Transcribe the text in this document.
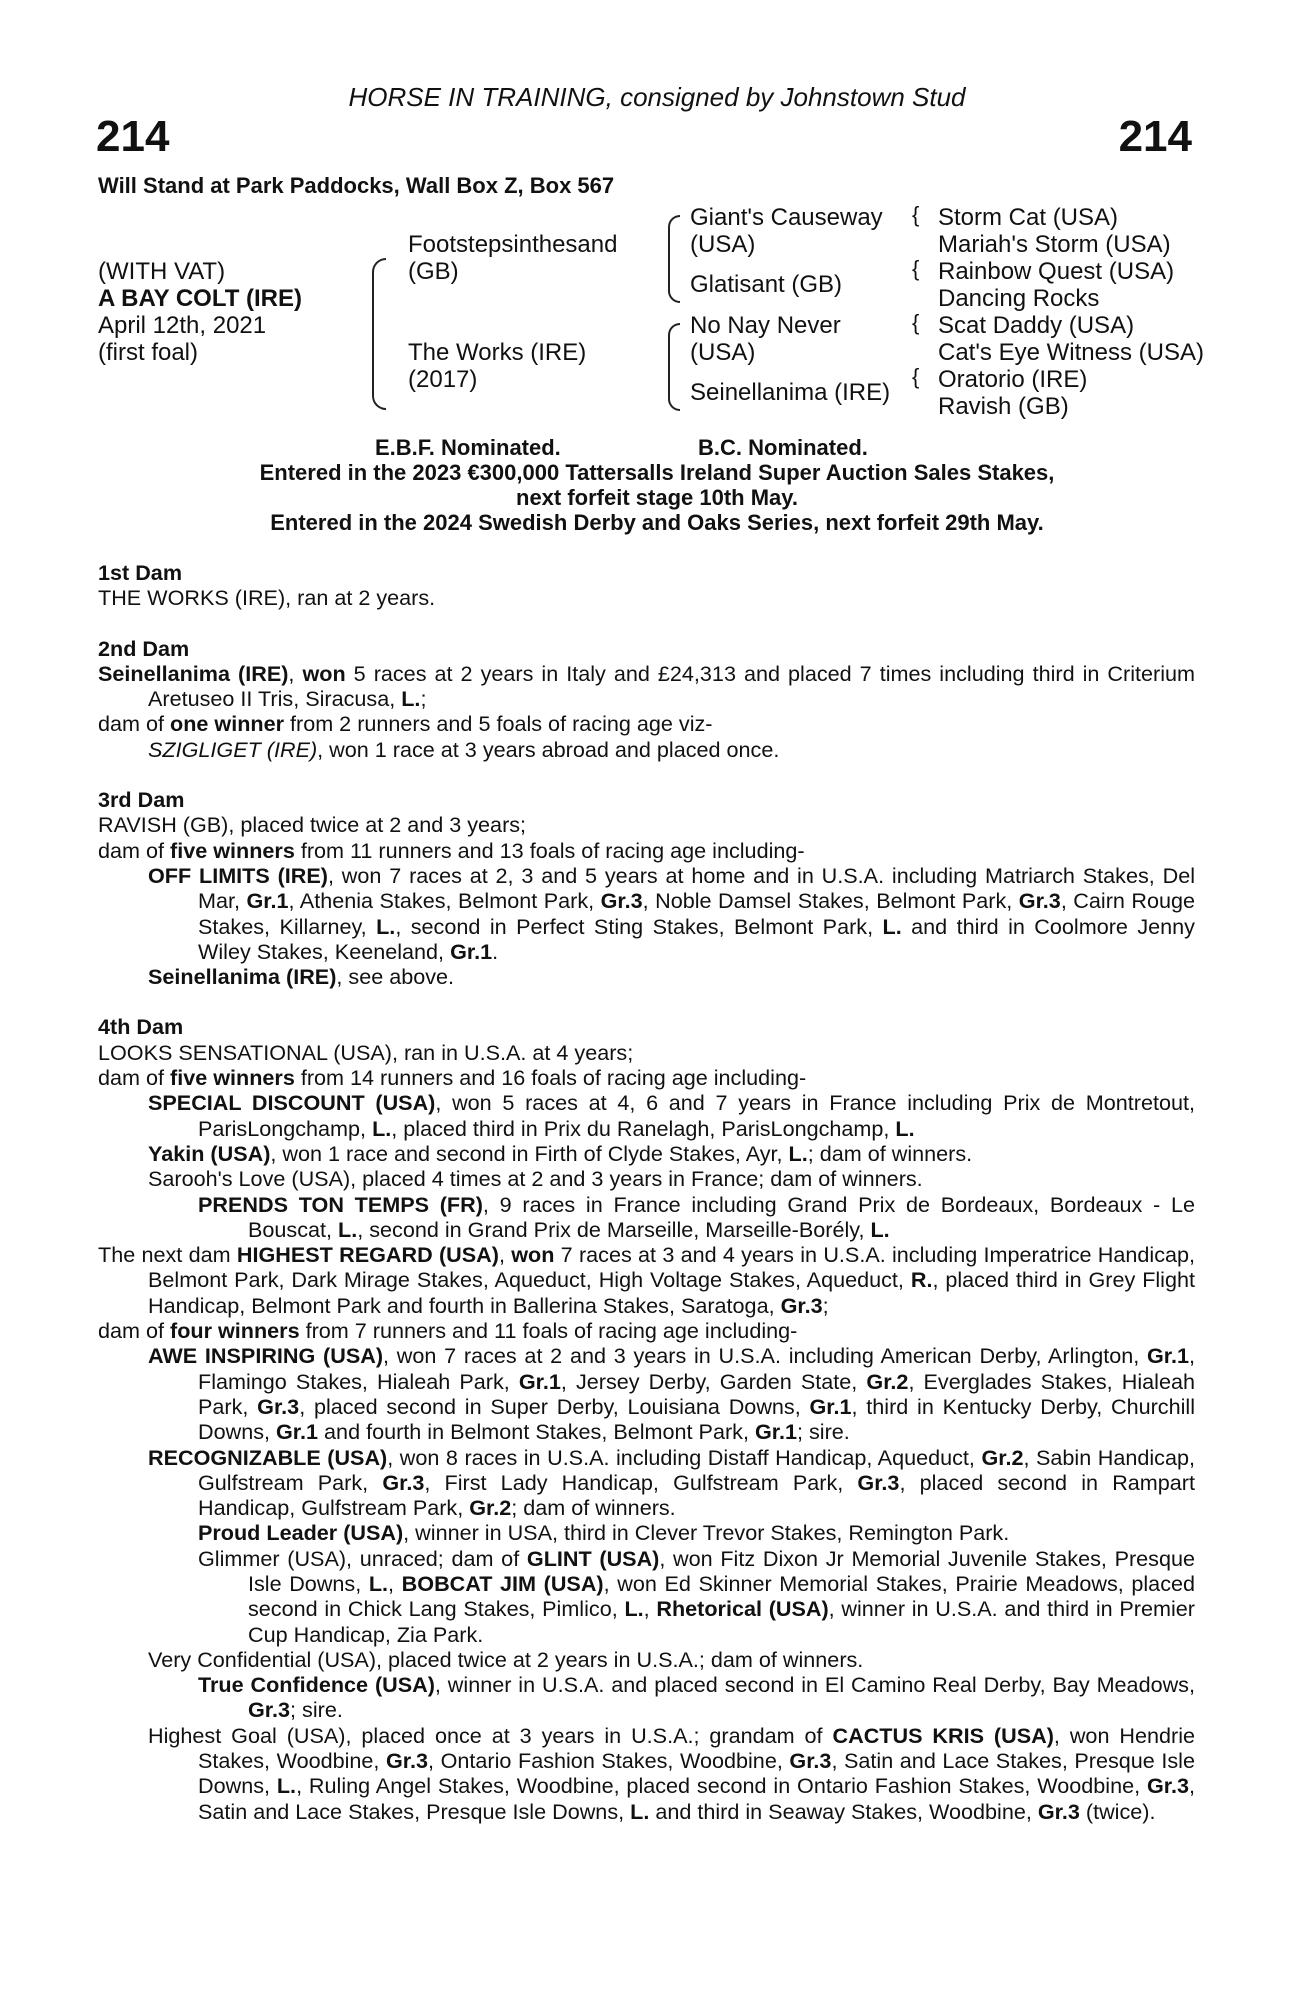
HORSE IN TRAINING, consigned by Johnstown Stud
214	214
Will Stand at Park Paddocks, Wall Box Z, Box 567
(WITH VAT)
A BAY COLT (IRE)
April 12th, 2021
(first foal)
Footstepsinthesand
(GB)
The Works (IRE)
(2017)
Giant's Causeway
(USA)
Glatisant (GB)
No Nay Never
(USA)
Seinellanima (IRE)
{
{
{
{
Storm Cat (USA)
Mariah's Storm (USA)
Rainbow Quest (USA)
Dancing Rocks
Scat Daddy (USA)
Cat's Eye Witness (USA)
Oratorio (IRE)
Ravish (GB)
E.B.F. Nominated.	B.C. Nominated.
Entered in the 2023 €300,000 Tattersalls Ireland Super Auction Sales Stakes,
next forfeit stage 10th May.
Entered in the 2024 Swedish Derby and Oaks Series, next forfeit 29th May.

1st Dam

THE WORKS (IRE), ran at 2 years.

2nd Dam

Seinellanima (IRE), won 5 races at 2 years in Italy and £24,313 and placed 7 times including third in Criterium Aretuseo II Tris, Siracusa, L.;

dam of one winner from 2 runners and 5 foals of racing age viz-

SZIGLIGET (IRE), won 1 race at 3 years abroad and placed once.

3rd Dam

RAVISH (GB), placed twice at 2 and 3 years;

dam of five winners from 11 runners and 13 foals of racing age including-

OFF LIMITS (IRE), won 7 races at 2, 3 and 5 years at home and in U.S.A. including Matriarch Stakes, Del Mar, Gr.1, Athenia Stakes, Belmont Park, Gr.3, Noble Damsel Stakes, Belmont Park, Gr.3, Cairn Rouge Stakes, Killarney, L., second in Perfect Sting Stakes, Belmont Park, L. and third in Coolmore Jenny Wiley Stakes, Keeneland, Gr.1.

Seinellanima (IRE), see above.

4th Dam

LOOKS SENSATIONAL (USA), ran in U.S.A. at 4 years;

dam of five winners from 14 runners and 16 foals of racing age including-

SPECIAL DISCOUNT (USA), won 5 races at 4, 6 and 7 years in France including Prix de Montretout, ParisLongchamp, L., placed third in Prix du Ranelagh, ParisLongchamp, L.

Yakin (USA), won 1 race and second in Firth of Clyde Stakes, Ayr, L.; dam of winners.

Sarooh's Love (USA), placed 4 times at 2 and 3 years in France; dam of winners.

PRENDS TON TEMPS (FR), 9 races in France including Grand Prix de Bordeaux, Bordeaux - Le Bouscat, L., second in Grand Prix de Marseille, Marseille-Borély, L.

The next dam HIGHEST REGARD (USA), won 7 races at 3 and 4 years in U.S.A. including Imperatrice Handicap, Belmont Park, Dark Mirage Stakes, Aqueduct, High Voltage Stakes, Aqueduct, R., placed third in Grey Flight Handicap, Belmont Park and fourth in Ballerina Stakes, Saratoga, Gr.3;

dam of four winners from 7 runners and 11 foals of racing age including-

AWE INSPIRING (USA), won 7 races at 2 and 3 years in U.S.A. including American Derby, Arlington, Gr.1, Flamingo Stakes, Hialeah Park, Gr.1, Jersey Derby, Garden State, Gr.2, Everglades Stakes, Hialeah Park, Gr.3, placed second in Super Derby, Louisiana Downs, Gr.1, third in Kentucky Derby, Churchill Downs, Gr.1 and fourth in Belmont Stakes, Belmont Park, Gr.1; sire.

RECOGNIZABLE (USA), won 8 races in U.S.A. including Distaff Handicap, Aqueduct, Gr.2, Sabin Handicap, Gulfstream Park, Gr.3, First Lady Handicap, Gulfstream Park, Gr.3, placed second in Rampart Handicap, Gulfstream Park, Gr.2; dam of winners.

Proud Leader (USA), winner in USA, third in Clever Trevor Stakes, Remington Park.

Glimmer (USA), unraced; dam of GLINT (USA), won Fitz Dixon Jr Memorial Juvenile Stakes, Presque Isle Downs, L., BOBCAT JIM (USA), won Ed Skinner Memorial Stakes, Prairie Meadows, placed second in Chick Lang Stakes, Pimlico, L., Rhetorical (USA), winner in U.S.A. and third in Premier Cup Handicap, Zia Park.

Very Confidential (USA), placed twice at 2 years in U.S.A.; dam of winners.

True Confidence (USA), winner in U.S.A. and placed second in El Camino Real Derby, Bay Meadows, Gr.3; sire.

Highest Goal (USA), placed once at 3 years in U.S.A.; grandam of CACTUS KRIS (USA), won Hendrie Stakes, Woodbine, Gr.3, Ontario Fashion Stakes, Woodbine, Gr.3, Satin and Lace Stakes, Presque Isle Downs, L., Ruling Angel Stakes, Woodbine, placed second in Ontario Fashion Stakes, Woodbine, Gr.3, Satin and Lace Stakes, Presque Isle Downs, L. and third in Seaway Stakes, Woodbine, Gr.3 (twice).
